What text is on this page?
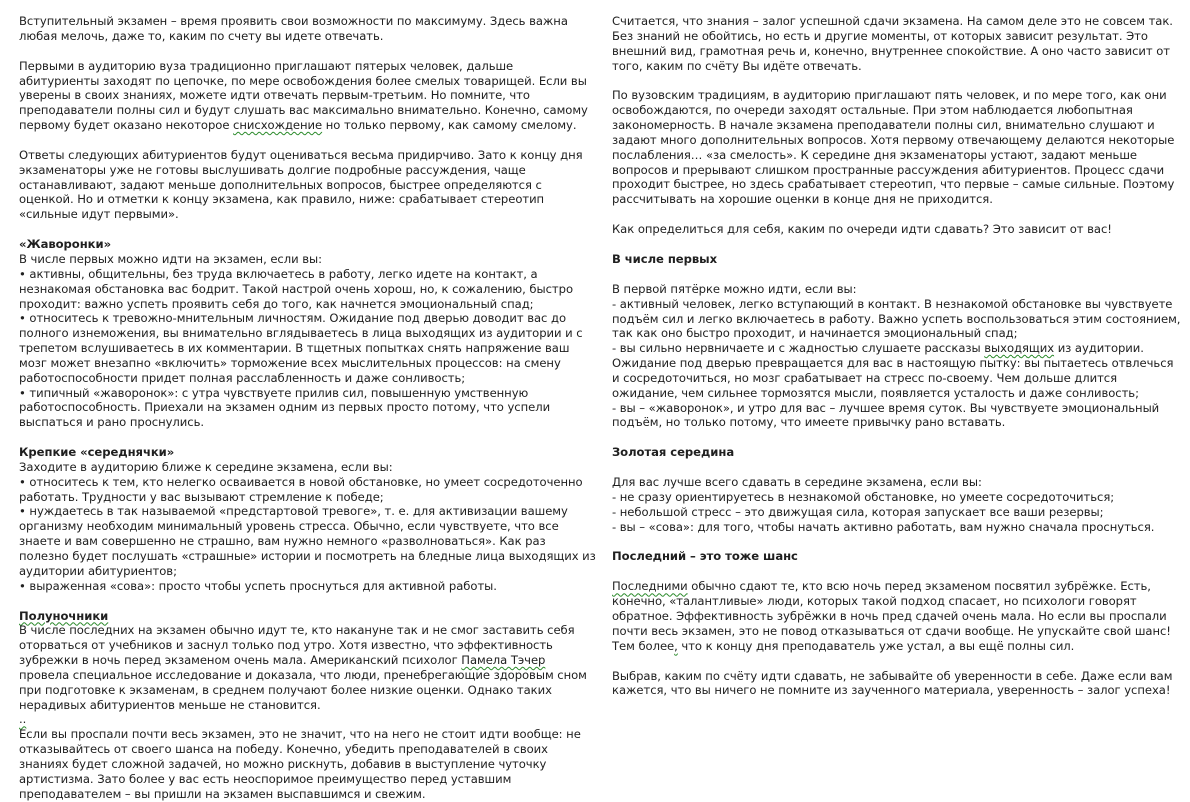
Вступительный экзамен – время проявить свои возможности по максимуму. Здесь важна любая мелочь, даже то, каким по счету вы идете отвечать.

Первыми в аудиторию вуза традиционно приглашают пятерых человек, дальше абитуриенты заходят по цепочке, по мере освобождения более смелых товарищей. Если вы уверены в своих знаниях, можете идти отвечать первым-третьим. Но помните, что преподаватели полны сил и будут слушать вас максимально внимательно. Конечно, самому первому будет оказано некоторое снисхождение но только первому, как самому смелому.

Ответы следующих абитуриентов будут оцениваться весьма придирчиво. Зато к концу дня экзаменаторы уже не готовы выслушивать долгие подробные рассуждения, чаще останавливают, задают меньше дополнительных вопросов, быстрее определяются с оценкой. Но и отметки к концу экзамена, как правило, ниже: срабатывает стереотип «сильные идут первыми».

«Жаворонки»

В числе первых можно идти на экзамен, если вы:

• активны, общительны, без труда включаетесь в работу, легко идете на контакт, а незнакомая обстановка вас бодрит. Такой настрой очень хорош, но, к сожалению, быстро проходит: важно успеть проявить себя до того, как начнется эмоциональный спад;

• относитесь к тревожно-мнительным личностям. Ожидание под дверью доводит вас до полного изнеможения, вы внимательно вглядываетесь в лица выходящих из аудитории и с трепетом вслушиваетесь в их комментарии. В тщетных попытках снять напряжение ваш мозг может внезапно «включить» торможение всех мыслительных процессов: на смену работоспособности придет полная расслабленность и даже сонливость;

• типичный «жаворонок»: с утра чувствуете прилив сил, повышенную умственную работоспособность. Приехали на экзамен одним из первых просто потому, что успели выспаться и рано проснулись.

Крепкие «середнячки»

Заходите в аудиторию ближе к середине экзамена, если вы:

• относитесь к тем, кто нелегко осваивается в новой обстановке, но умеет сосредоточенно работать. Трудности у вас вызывают стремление к победе;

• нуждаетесь в так называемой «предстартовой тревоге», т. е. для активизации вашему организму необходим минимальный уровень стресса. Обычно, если чувствуете, что все знаете и вам совершенно не страшно, вам нужно немного «разволноваться». Как раз полезно будет послушать «страшные» истории и посмотреть на бледные лица выходящих из аудитории абитуриентов;

• выраженная «сова»: просто чтобы успеть проснуться для активной работы.

Полуночники

В числе последних на экзамен обычно идут те, кто накануне так и не смог заставить себя оторваться от учебников и заснул только под утро. Хотя известно, что эффективность зубрежки в ночь перед экзаменом очень мала. Американский психолог Памела Тэчер провела специальное исследование и доказала, что люди, пренебрегающие здоровым сном при подготовке к экзаменам, в среднем получают более низкие оценки. Однако таких нерадивых абитуриентов меньше не становится.

..

Если вы проспали почти весь экзамен, это не значит, что на него не стоит идти вообще: не отказывайтесь от своего шанса на победу. Конечно, убедить преподавателей в своих знаниях будет сложной задачей, но можно рискнуть, добавив в выступление чуточку артистизма. Зато более у вас есть неоспоримое преимущество перед уставшим преподавателем – вы пришли на экзамен выспавшимся и свежим.

Считается, что знания – залог успешной сдачи экзамена. На самом деле это не совсем так. Без знаний не обойтись, но есть и другие моменты, от которых зависит результат. Это внешний вид, грамотная речь и, конечно, внутреннее спокойствие. А оно часто зависит от того, каким по счёту Вы идёте отвечать.

По вузовским традициям, в аудиторию приглашают пять человек, и по мере того, как они освобождаются, по очереди заходят остальные. При этом наблюдается любопытная закономерность. В начале экзамена преподаватели полны сил, внимательно слушают и задают много дополнительных вопросов. Хотя первому отвечающему делаются некоторые послабления… «за смелость». К середине дня экзаменаторы устают, задают меньше вопросов и прерывают слишком пространные рассуждения абитуриентов. Процесс сдачи проходит быстрее, но здесь срабатывает стереотип, что первые – самые сильные. Поэтому рассчитывать на хорошие оценки в конце дня не приходится.

Как определиться для себя, каким по очереди идти сдавать? Это зависит от вас!

В числе первых

В первой пятёрке можно идти, если вы:

- активный человек, легко вступающий в контакт. В незнакомой обстановке вы чувствуете подъём сил и легко включаетесь в работу. Важно успеть воспользоваться этим состоянием, так как оно быстро проходит, и начинается эмоциональный спад;

- вы сильно нервничаете и с жадностью слушаете рассказы выходящих из аудитории. Ожидание под дверью превращается для вас в настоящую пытку: вы пытаетесь отвлечься и сосредоточиться, но мозг срабатывает на стресс по-своему. Чем дольше длится ожидание, чем сильнее тормозятся мысли, появляется усталость и даже сонливость;

- вы – «жаворонок», и утро для вас – лучшее время суток. Вы чувствуете эмоциональный подъём, но только потому, что имеете привычку рано вставать.

Золотая середина

Для вас лучше всего сдавать в середине экзамена, если вы:

- не сразу ориентируетесь в незнакомой обстановке, но умеете сосредоточиться;

- небольшой стресс – это движущая сила, которая запускает все ваши резервы;

- вы – «сова»: для того, чтобы начать активно работать, вам нужно сначала проснуться.

Последний – это тоже шанс

Последними обычно сдают те, кто всю ночь перед экзаменом посвятил зубрёжке. Есть, конечно, «талантливые» люди, которых такой подход спасает, но психологи говорят обратное. Эффективность зубрёжки в ночь пред сдачей очень мала. Но если вы проспали почти весь экзамен, это не повод отказываться от сдачи вообще. Не упускайте свой шанс! Тем более, что к концу дня преподаватель уже устал, а вы ещё полны сил.

Выбрав, каким по счёту идти сдавать, не забывайте об уверенности в себе. Даже если вам кажется, что вы ничего не помните из заученного материала, уверенность – залог успеха!
